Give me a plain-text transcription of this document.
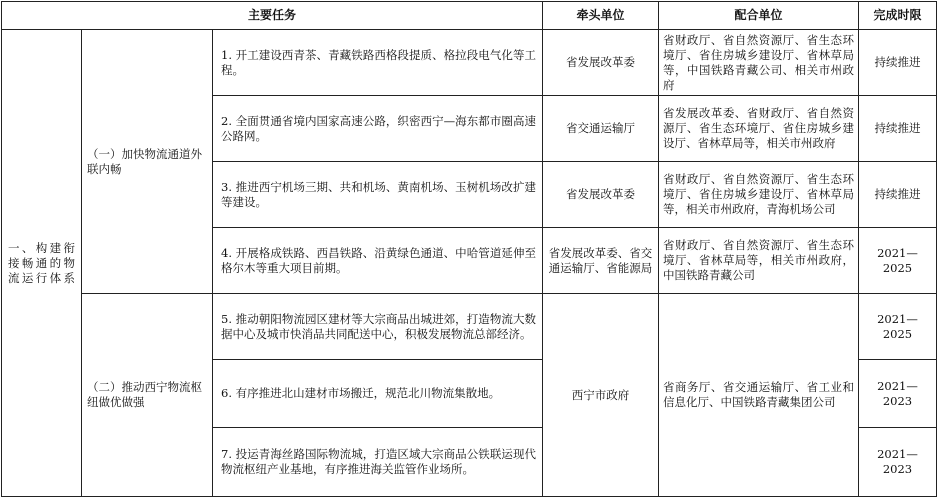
主要任务			牵头单位	配合单位	完成时限
一、构建衔接畅通的物流运行体系	（一）加快物流通道外联内畅	1. 开工建设西青茶、青藏铁路西格段提质、格拉段电气化等工程。	省发展改革委	省财政厅、省自然资源厅、省生态环境厅、省住房城乡建设厅、省林草局等，中国铁路青藏公司、相关市州政府	持续推进
		2. 全面贯通省境内国家高速公路，织密西宁—海东都市圈高速公路网。	省交通运输厅	省发展改革委、省财政厅、省自然资源厅、省生态环境厅、省住房城乡建设厅、省林草局等，相关市州政府	持续推进
		3. 推进西宁机场三期、共和机场、黄南机场、玉树机场改扩建等建设。	省发展改革委	省财政厅、省自然资源厅、省生态环境厅、省住房城乡建设厅、省林草局等，相关市州政府，青海机场公司	持续推进
		4. 开展格成铁路、西昌铁路、沿黄绿色通道、中哈管道延伸至格尔木等重大项目前期。	省发展改革委、省交通运输厅、省能源局	省财政厅、省自然资源厅、省生态环境厅、省林草局等，相关市州政府，中国铁路青藏公司	2021—2025
	（二）推动西宁物流枢纽做优做强	5. 推动朝阳物流园区建材等大宗商品出城进郊，打造物流大数据中心及城市快消品共同配送中心，积极发展物流总部经济。	西宁市政府	省商务厅、省交通运输厅、省工业和信息化厅、中国铁路青藏集团公司	2021—2025
		6. 有序推进北山建材市场搬迁，规范北川物流集散地。			2021—2023
		7. 投运青海丝路国际物流城，打造区域大宗商品公铁联运现代物流枢纽产业基地，有序推进海关监管作业场所。			2021—2023
